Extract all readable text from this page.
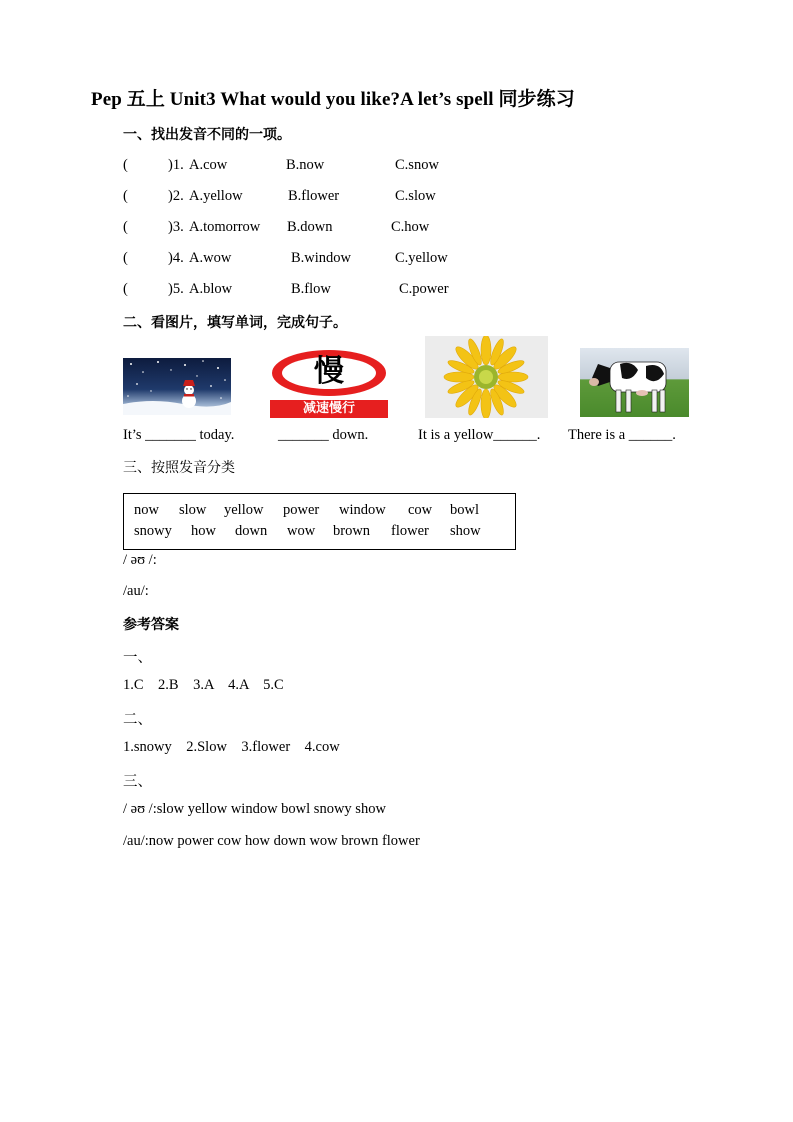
Pep 五上 Unit3 What would you like?A let’s spell 同步练习
一、找出发音不同的一项。
(	)1. A.cow	B.now	C.snow
(	)2. A.yellow	B.flower	C.slow
(	)3. A.tomorrow B.down	C.how
(	)4. A.wow	B.window	C.yellow
(	)5. A.blow	B.flow	C.power
二、看图片，填写单词，完成句子。
慢
减速慢行
It’s _______ today.	_______ down.	It is a yellow______. There is a ______.
三、按照发音分类
now slow yellow power window cow bowl
snowy how down wow brown flower show
/ əʊ /:
/au/:
参考答案
一、
1.C    2.B    3.A    4.A    5.C
二、
1.snowy    2.Slow    3.flower    4.cow
三、
/ əʊ /:slow yellow window bowl snowy show
/au/:now power cow how down wow brown flower
